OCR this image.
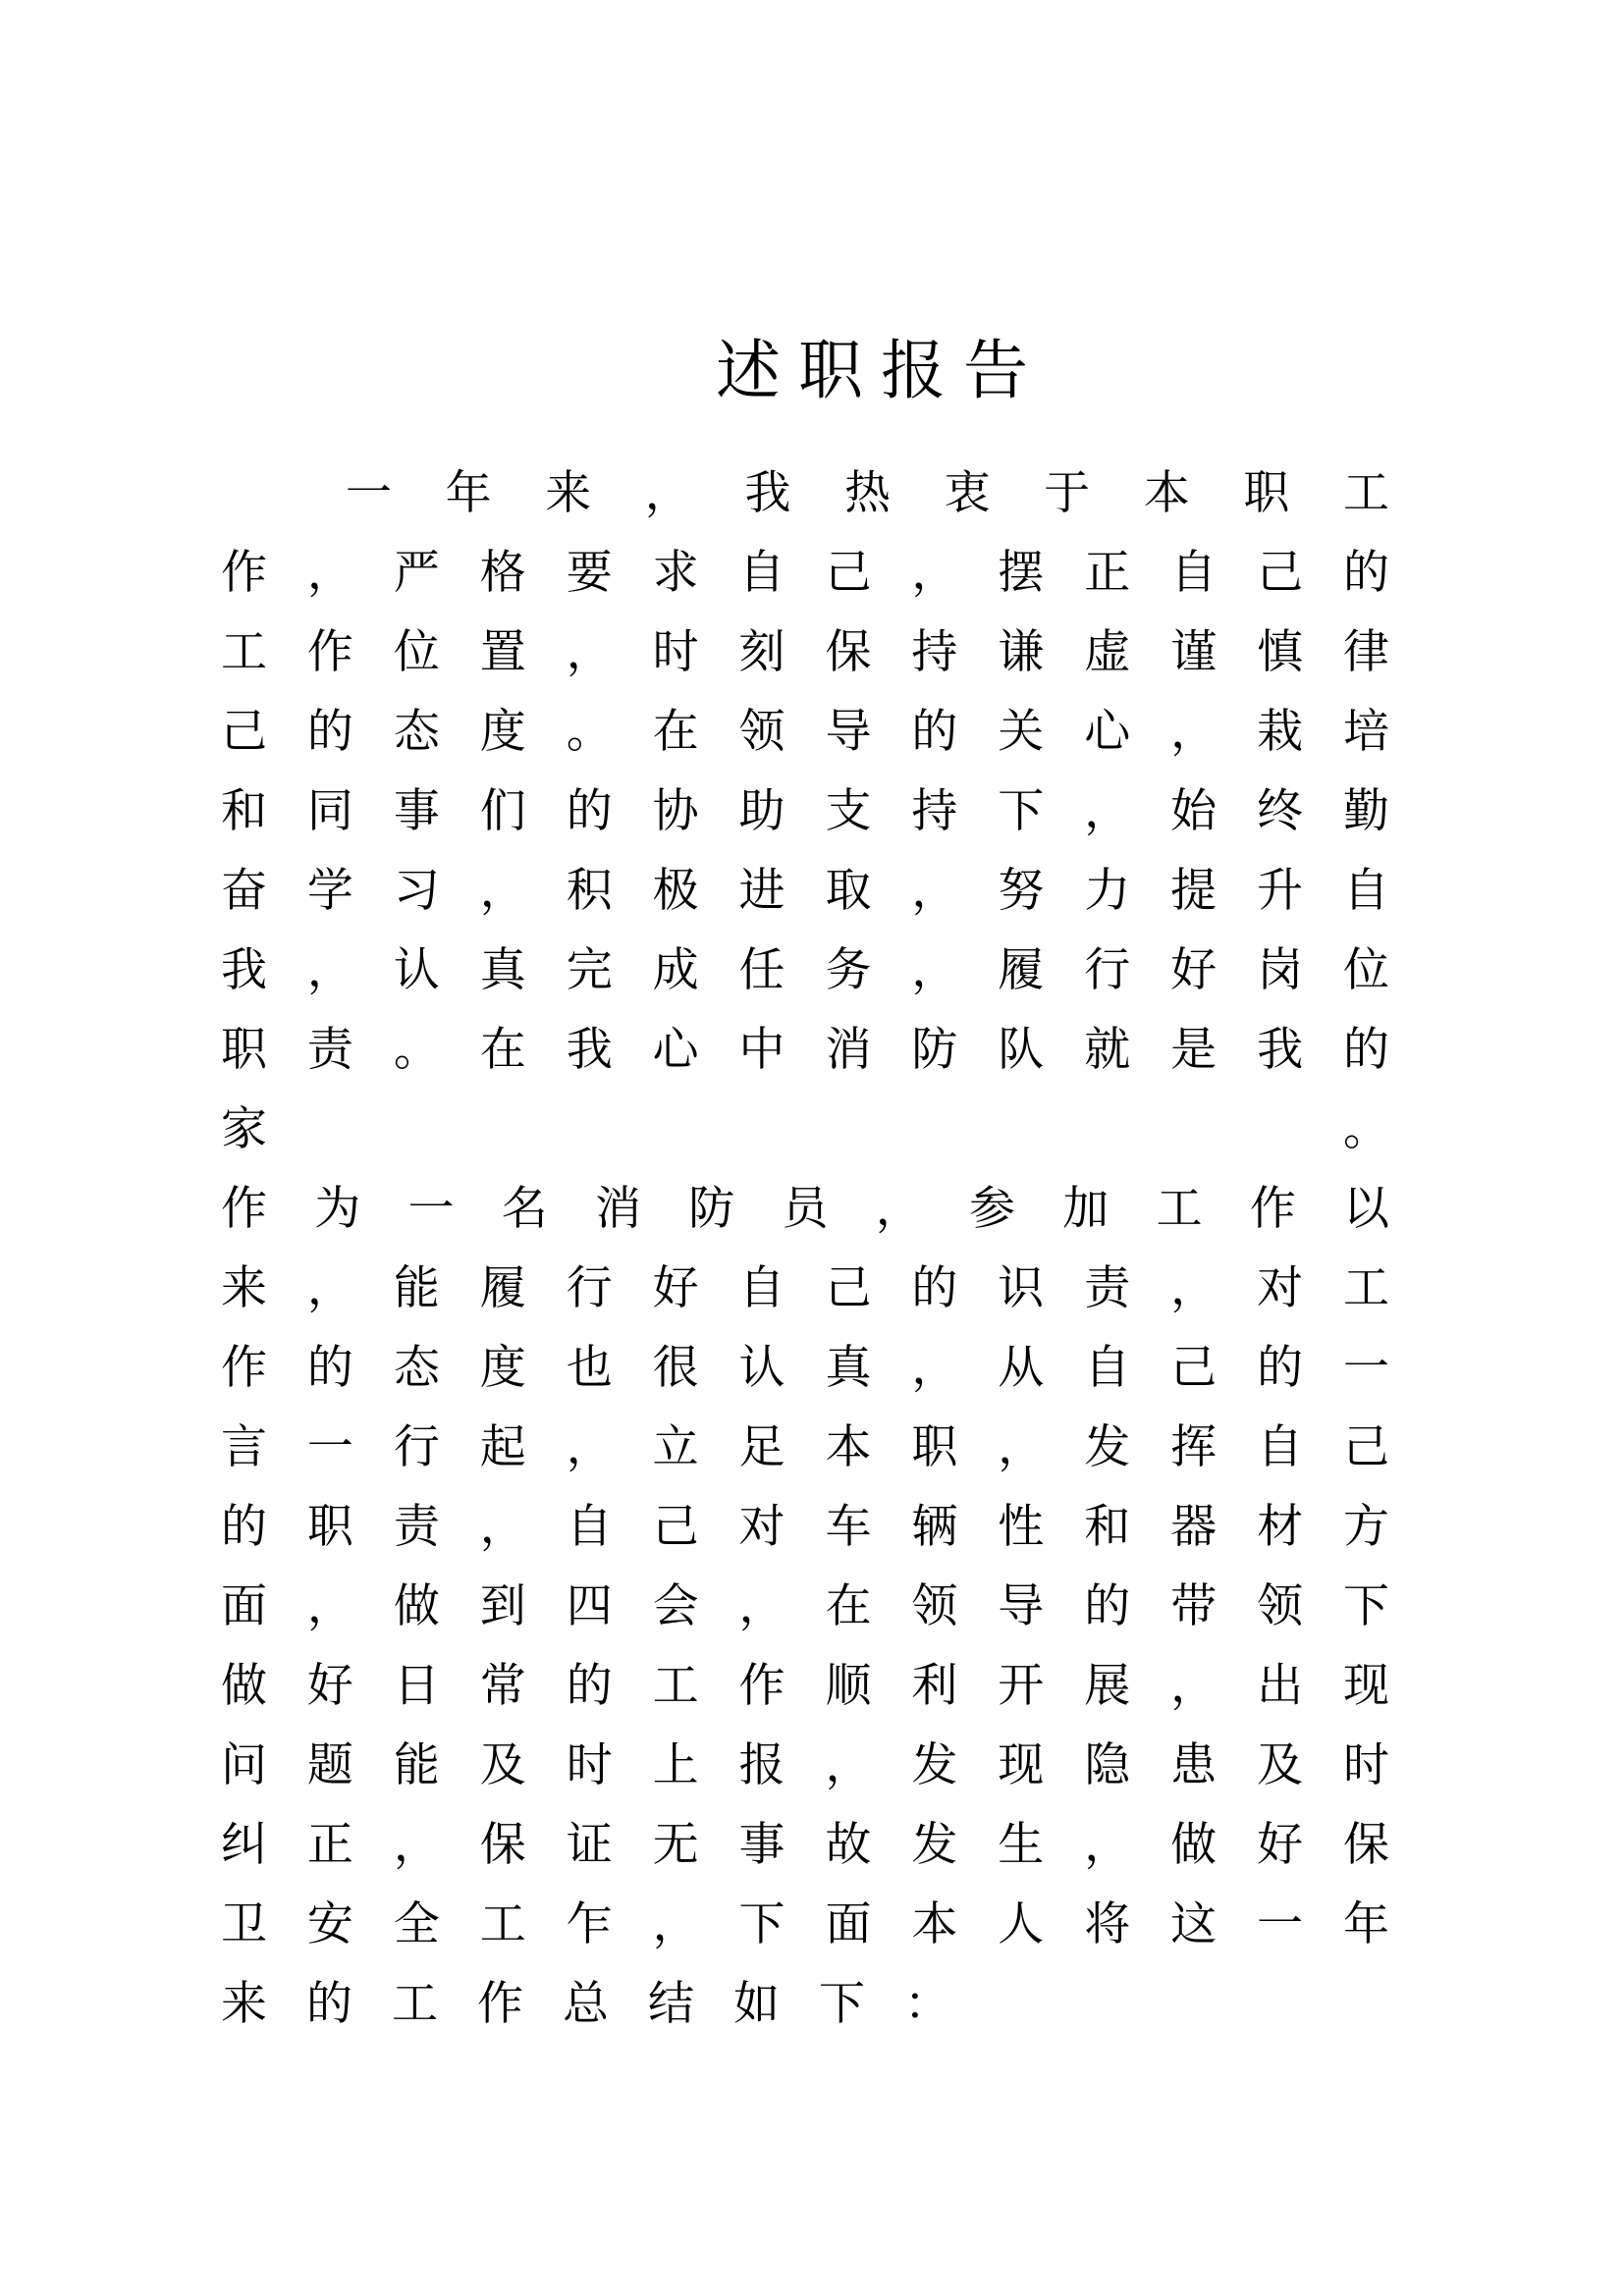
述职报告
一 年 来 ， 我 热 衷 于 本 职 工
作 ， 严 格 要 求 自 己 ， 摆 正 自 己 的
工 作 位 置 ， 时 刻 保 持 谦 虚 谨 慎 律
己 的 态 度 。 在 领 导 的 关 心 ， 栽 培
和 同 事 们 的 协 助 支 持 下 ， 始 终 勤
奋 学 习 ， 积 极 进 取 ， 努 力 提 升 自
我 ， 认 真 完 成 任 务 ， 履 行 好 岗 位
职 责 。 在 我 心 中 消 防 队 就 是 我 的
家	。
作 为 一 名 消 防 员 ， 参 加 工 作 以
来 ， 能 履 行 好 自 己 的 识 责 ， 对 工
作 的 态 度 也 很 认 真 ， 从 自 己 的 一
言 一 行 起 ， 立 足 本 职 ， 发 挥 自 己
的 职 责 ， 自 己 对 车 辆 性 和 器 材 方
面 ， 做 到 四 会 ， 在 领 导 的 带 领 下
做 好 日 常 的 工 作 顺 利 开 展 ， 出 现
问 题 能 及 时 上 报 ， 发 现 隐 患 及 时
纠 正 ， 保 证 无 事 故 发 生 ， 做 好 保
卫 安 全 工 乍 ， 下 面 本 人 将 这 一 年
来 的 工 作 总 结 如 下 ：
